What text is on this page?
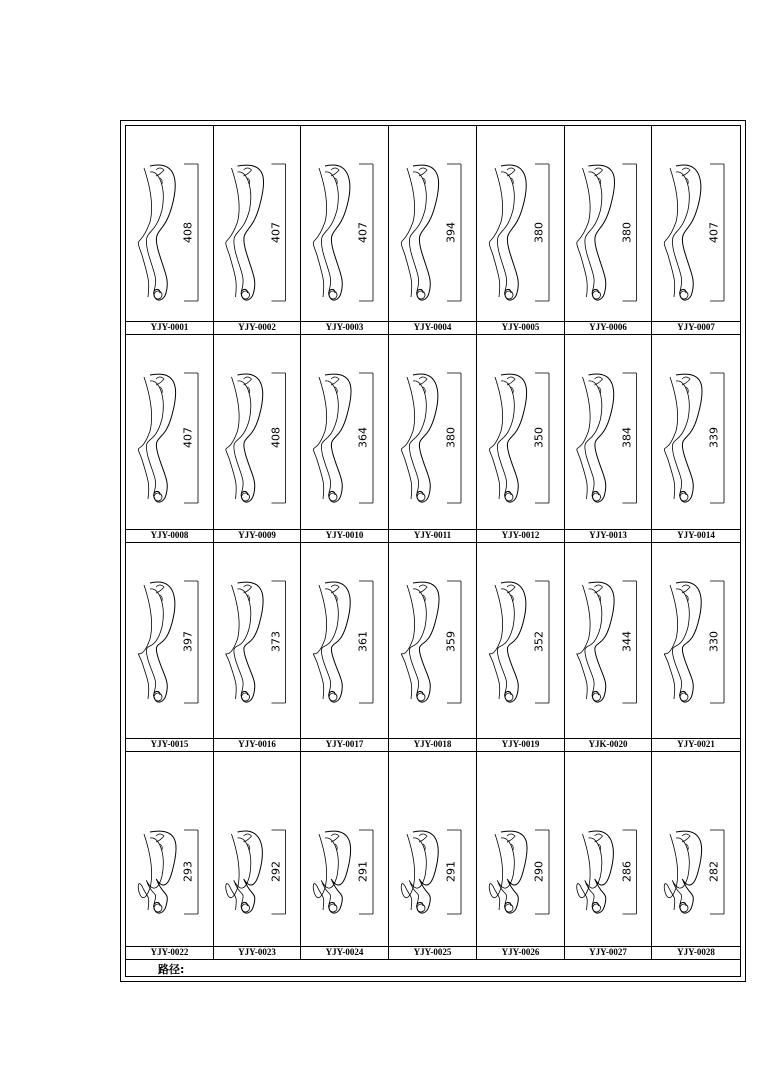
408
YJY-0001
407
YJY-0002
407
YJY-0003
394
YJY-0004
380
YJY-0005
380
YJY-0006
407
YJY-0007
407
YJY-0008
408
YJY-0009
364
YJY-0010
380
YJY-0011
350
YJY-0012
384
YJY-0013
339
YJY-0014
397
YJY-0015
373
YJY-0016
361
YJY-0017
359
YJY-0018
352
YJY-0019
344
YJK-0020
330
YJY-0021
293
YJY-0022
292
YJY-0023
291
YJY-0024
291
YJY-0025
290
YJY-0026
286
YJY-0027
282
YJY-0028
路径:
